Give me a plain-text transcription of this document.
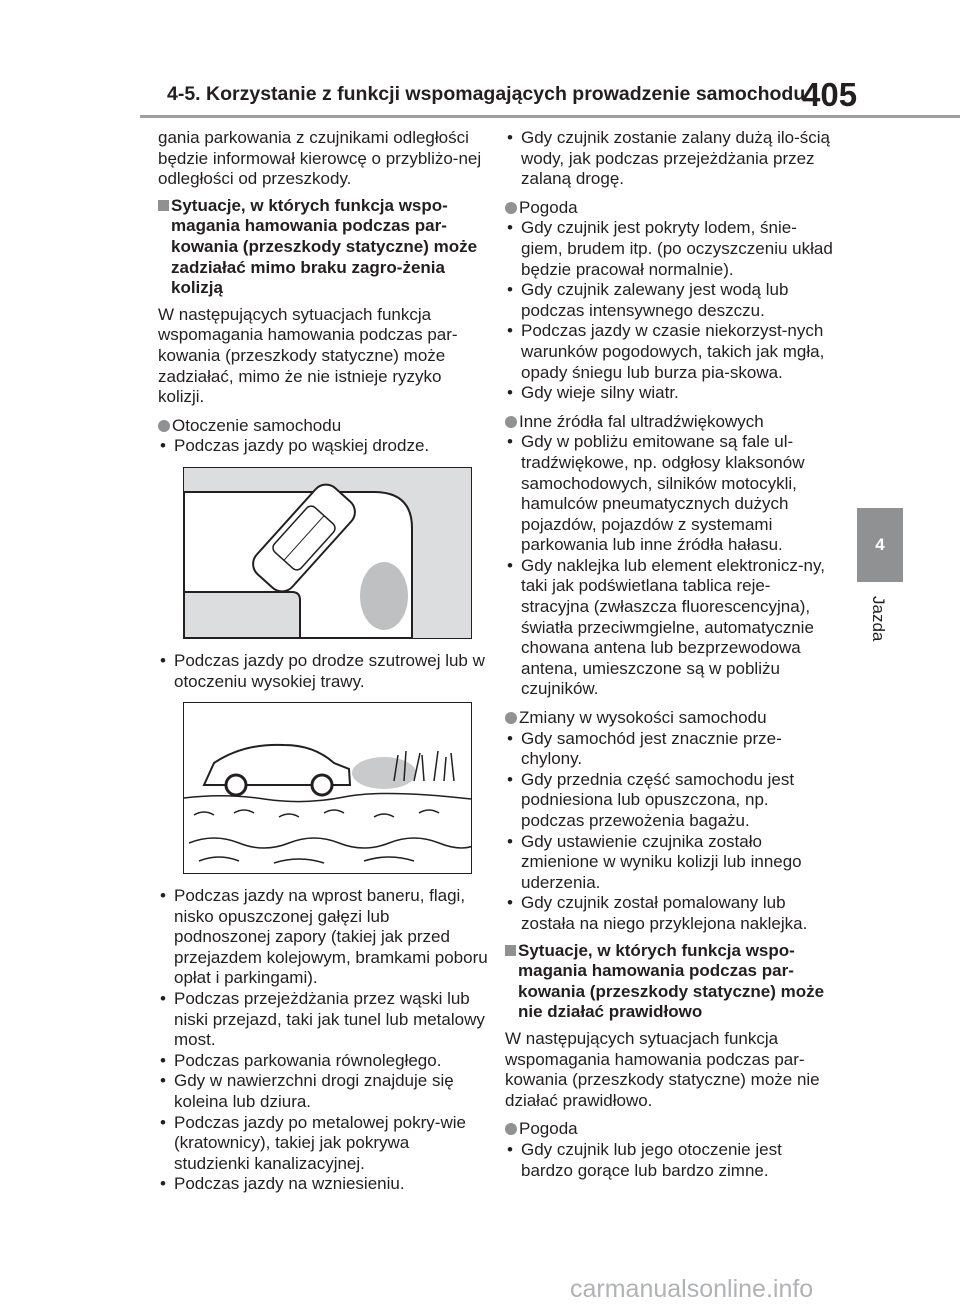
4-5. Korzystanie z funkcji wspomagających prowadzenie samochodu
405
4
Jazda

gania parkowania z czujnikami odległości będzie informował kierowcę o przybliżo-nej odległości od przeszkody.

Sytuacje, w których funkcja wspo-magania hamowania podczas par-kowania (przeszkody statyczne) może zadziałać mimo braku zagro-żenia kolizją

W następujących sytuacjach funkcja wspomagania hamowania podczas par-kowania (przeszkody statyczne) może zadziałać, mimo że nie istnieje ryzyko kolizji.

Otoczenie samochodu

• Podczas jazdy po wąskiej drodze.
• Podczas jazdy po drodze szutrowej lub w otoczeniu wysokiej trawy.
• Podczas jazdy na wprost baneru, flagi, nisko opuszczonej gałęzi lub podnoszonej zapory (takiej jak przed przejazdem kolejowym, bramkami poboru opłat i parkingami).
• Podczas przejeżdżania przez wąski lub niski przejazd, taki jak tunel lub metalowy most.
• Podczas parkowania równoległego.
• Gdy w nawierzchni drogi znajduje się koleina lub dziura.
• Podczas jazdy po metalowej pokry-wie (kratownicy), takiej jak pokrywa studzienki kanalizacyjnej.
• Podczas jazdy na wzniesieniu.
• Gdy czujnik zostanie zalany dużą ilo-ścią wody, jak podczas przejeżdżania przez zalaną drogę.

Pogoda

• Gdy czujnik jest pokryty lodem, śnie-giem, brudem itp. (po oczyszczeniu układ będzie pracował normalnie).
• Gdy czujnik zalewany jest wodą lub podczas intensywnego deszczu.
• Podczas jazdy w czasie niekorzyst-nych warunków pogodowych, takich jak mgła, opady śniegu lub burza pia-skowa.
• Gdy wieje silny wiatr.

Inne źródła fal ultradźwiękowych

• Gdy w pobliżu emitowane są fale ul-tradźwiękowe, np. odgłosy klaksonów samochodowych, silników motocykli, hamulców pneumatycznych dużych pojazdów, pojazdów z systemami parkowania lub inne źródła hałasu.
• Gdy naklejka lub element elektronicz-ny, taki jak podświetlana tablica reje-stracyjna (zwłaszcza fluorescencyjna), światła przeciwmgielne, automatycznie chowana antena lub bezprzewodowa antena, umieszczone są w pobliżu czujników.

Zmiany w wysokości samochodu

• Gdy samochód jest znacznie prze-chylony.
• Gdy przednia część samochodu jest podniesiona lub opuszczona, np. podczas przewożenia bagażu.
• Gdy ustawienie czujnika zostało zmienione w wyniku kolizji lub innego uderzenia.
• Gdy czujnik został pomalowany lub została na niego przyklejona naklejka.

Sytuacje, w których funkcja wspo-magania hamowania podczas par-kowania (przeszkody statyczne) może nie działać prawidłowo

W następujących sytuacjach funkcja wspomagania hamowania podczas par-kowania (przeszkody statyczne) może nie działać prawidłowo.

Pogoda

• Gdy czujnik lub jego otoczenie jest bardzo gorące lub bardzo zimne.
carmanualsonline.info
